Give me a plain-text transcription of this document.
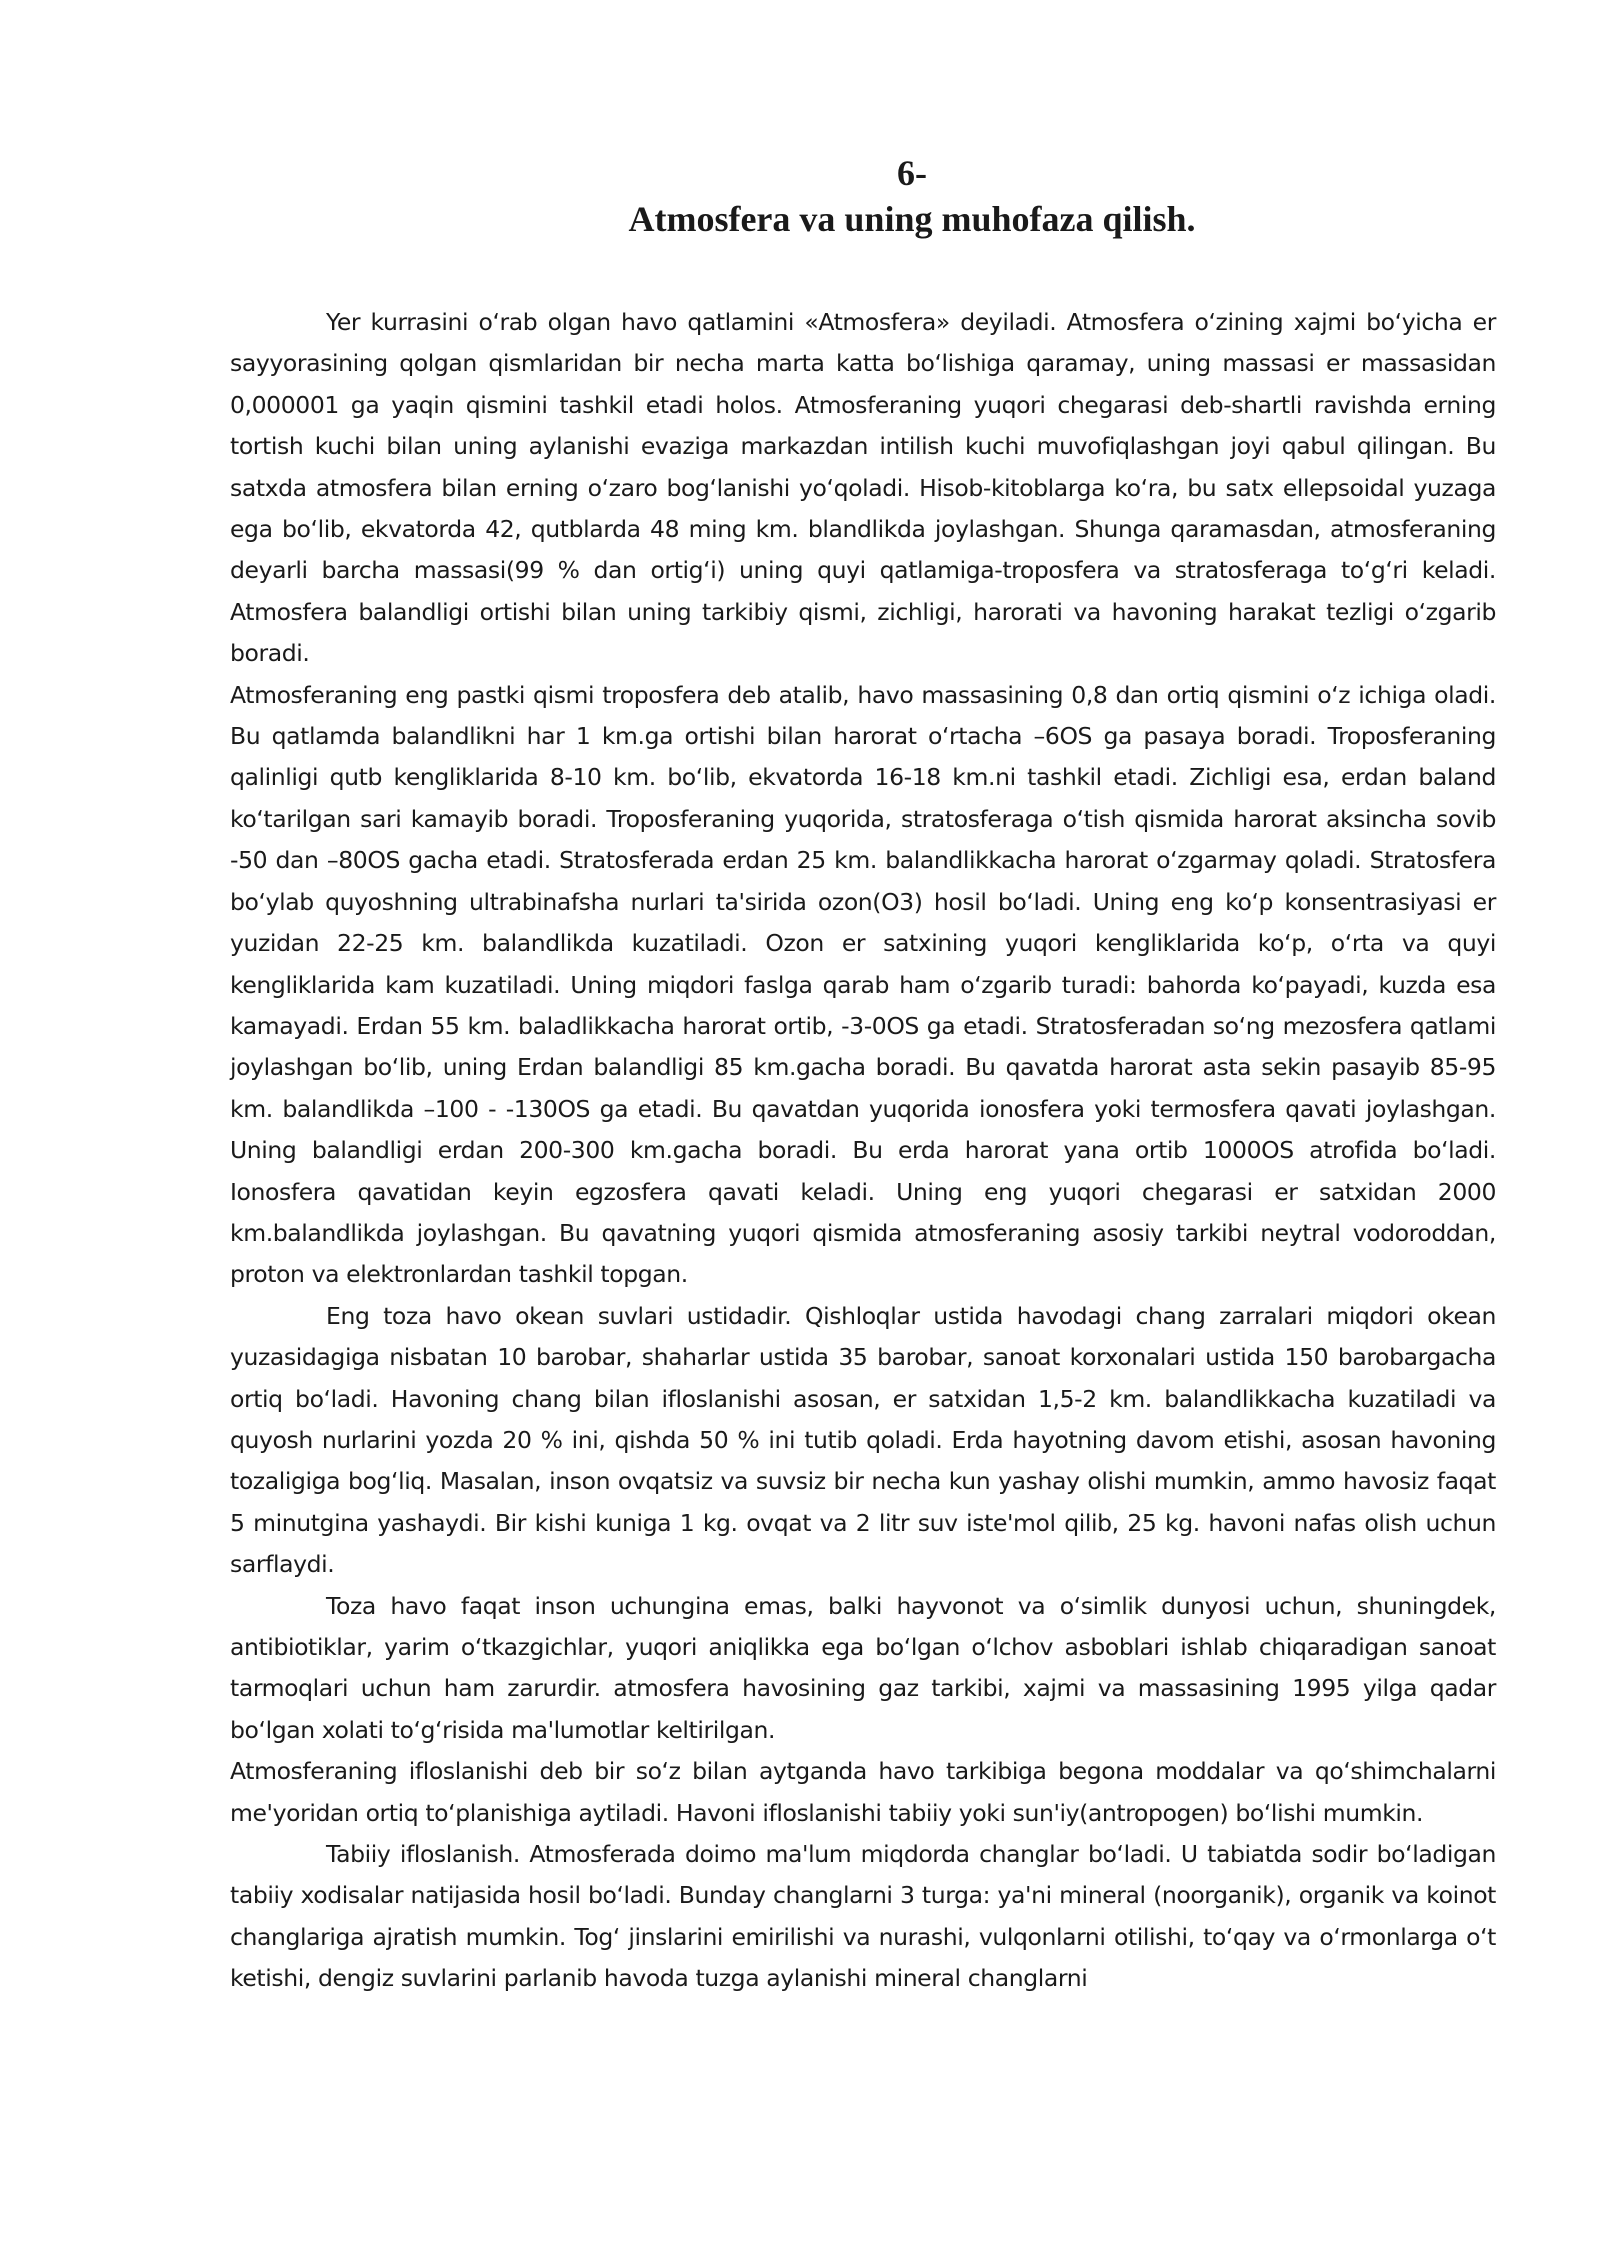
6-
Atmosfera va uning muhofaza qilish.

Yer kurrasini o‘rab olgan havo qatlamini «Atmosfera» deyiladi. Atmosfera o‘zining xajmi bo‘yicha er sayyorasining qolgan qismlaridan bir necha marta katta bo‘lishiga qaramay, uning massasi er massasidan 0,000001 ga yaqin qismini tashkil etadi holos. Atmosferaning yuqori chegarasi deb-shartli ravishda erning tortish kuchi bilan uning aylanishi evaziga markazdan intilish kuchi muvofiqlashgan joyi qabul qilingan. Bu satxda atmosfera bilan erning o‘zaro bog‘lanishi yo‘qoladi. Hisob-kitoblarga ko‘ra, bu satx ellepsoidal yuzaga ega bo‘lib, ekvatorda 42, qutblarda 48 ming km. blandlikda joylashgan. Shunga qaramasdan, atmosferaning deyarli barcha massasi(99 % dan ortig‘i) uning quyi qatlamiga-troposfera va stratosferaga to‘g‘ri keladi. Atmosfera balandligi ortishi bilan uning tarkibiy qismi, zichligi, harorati va havoning harakat tezligi o‘zgarib boradi.

Atmosferaning eng pastki qismi troposfera deb atalib, havo massasining 0,8 dan ortiq qismini o‘z ichiga oladi. Bu qatlamda balandlikni har 1 km.ga ortishi bilan harorat o‘rtacha –6OS ga pasaya boradi. Troposferaning qalinligi qutb kengliklarida 8-10 km. bo‘lib, ekvatorda 16-18 km.ni tashkil etadi. Zichligi esa, erdan baland ko‘tarilgan sari kamayib boradi. Troposferaning yuqorida, stratosferaga o‘tish qismida harorat aksincha sovib -50 dan –80OS gacha etadi. Stratosferada erdan 25 km. balandlikkacha harorat o‘zgarmay qoladi. Stratosfera bo‘ylab quyoshning ultrabinafsha nurlari ta'sirida ozon(O3) hosil bo‘ladi. Uning eng ko‘p konsentrasiyasi er yuzidan 22-25 km. balandlikda kuzatiladi. Ozon er satxining yuqori kengliklarida ko‘p, o‘rta va quyi kengliklarida kam kuzatiladi. Uning miqdori faslga qarab ham o‘zgarib turadi: bahorda ko‘payadi, kuzda esa kamayadi. Erdan 55 km. baladlikkacha harorat ortib, -3-0OS ga etadi. Stratosferadan so‘ng mezosfera qatlami joylashgan bo‘lib, uning Erdan balandligi 85 km.gacha boradi. Bu qavatda harorat asta sekin pasayib 85-95 km. balandlikda –100 - -130OS ga etadi. Bu qavatdan yuqorida ionosfera yoki termosfera qavati joylashgan. Uning balandligi erdan 200-300 km.gacha boradi. Bu erda harorat yana ortib 1000OS atrofida bo‘ladi. Ionosfera qavatidan keyin egzosfera qavati keladi. Uning eng yuqori chegarasi er satxidan 2000 km.balandlikda joylashgan. Bu qavatning yuqori qismida atmosferaning asosiy tarkibi neytral vodoroddan, proton va elektronlardan tashkil topgan.

Eng toza havo okean suvlari ustidadir. Qishloqlar ustida havodagi chang zarralari miqdori okean yuzasidagiga nisbatan 10 barobar, shaharlar ustida 35 barobar, sanoat korxonalari ustida 150 barobargacha ortiq bo‘ladi. Havoning chang bilan ifloslanishi asosan, er satxidan 1,5-2 km. balandlikkacha kuzatiladi va quyosh nurlarini yozda 20 % ini, qishda 50 % ini tutib qoladi. Erda hayotning davom etishi, asosan havoning tozaligiga bog‘liq. Masalan, inson ovqatsiz va suvsiz bir necha kun yashay olishi mumkin, ammo havosiz faqat 5 minutgina yashaydi. Bir kishi kuniga 1 kg. ovqat va 2 litr suv iste'mol qilib, 25 kg. havoni nafas olish uchun sarflaydi.

Toza havo faqat inson uchungina emas, balki hayvonot va o‘simlik dunyosi uchun, shuningdek, antibiotiklar, yarim o‘tkazgichlar, yuqori aniqlikka ega bo‘lgan o‘lchov asboblari ishlab chiqaradigan sanoat tarmoqlari uchun ham zarurdir. atmosfera havosining gaz tarkibi, xajmi va massasining 1995 yilga qadar bo‘lgan xolati to‘g‘risida ma'lumotlar keltirilgan.

Atmosferaning ifloslanishi deb bir so‘z bilan aytganda havo tarkibiga begona moddalar va qo‘shimchalarni me'yoridan ortiq to‘planishiga aytiladi. Havoni ifloslanishi tabiiy yoki sun'iy(antropogen) bo‘lishi mumkin.

Tabiiy ifloslanish. Atmosferada doimo ma'lum miqdorda changlar bo‘ladi. U tabiatda sodir bo‘ladigan tabiiy xodisalar natijasida hosil bo‘ladi. Bunday changlarni 3 turga: ya'ni mineral (noorganik), organik va koinot changlariga ajratish mumkin. Tog‘ jinslarini emirilishi va nurashi, vulqonlarni otilishi, to‘qay va o‘rmonlarga o‘t ketishi, dengiz suvlarini parlanib havoda tuzga aylanishi mineral changlarni
